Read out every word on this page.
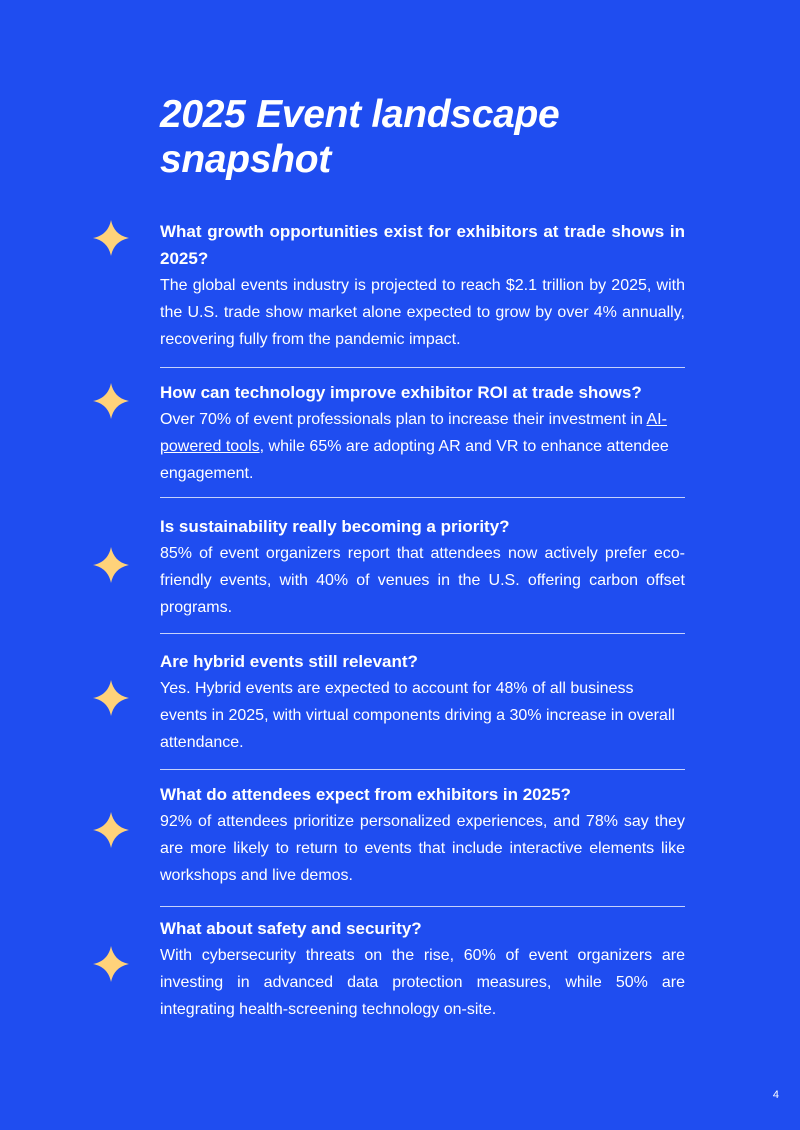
2025 Event landscape snapshot

What growth opportunities exist for exhibitors at trade shows in 2025?

The global events industry is projected to reach $2.1 trillion by 2025, with the U.S. trade show market alone expected to grow by over 4% annually, recovering fully from the pandemic impact.

How can technology improve exhibitor ROI at trade shows?

Over 70% of event professionals plan to increase their investment in AI-powered tools, while 65% are adopting AR and VR to enhance attendee engagement.

Is sustainability really becoming a priority?

85% of event organizers report that attendees now actively prefer eco-friendly events, with 40% of venues in the U.S. offering carbon offset programs.

Are hybrid events still relevant?

Yes. Hybrid events are expected to account for 48% of all business events in 2025, with virtual components driving a 30% increase in overall attendance.

What do attendees expect from exhibitors in 2025?

92% of attendees prioritize personalized experiences, and 78% say they are more likely to return to events that include interactive elements like workshops and live demos.

What about safety and security?

With cybersecurity threats on the rise, 60% of event organizers are investing in advanced data protection measures, while 50% are integrating health-screening technology on-site.

4
